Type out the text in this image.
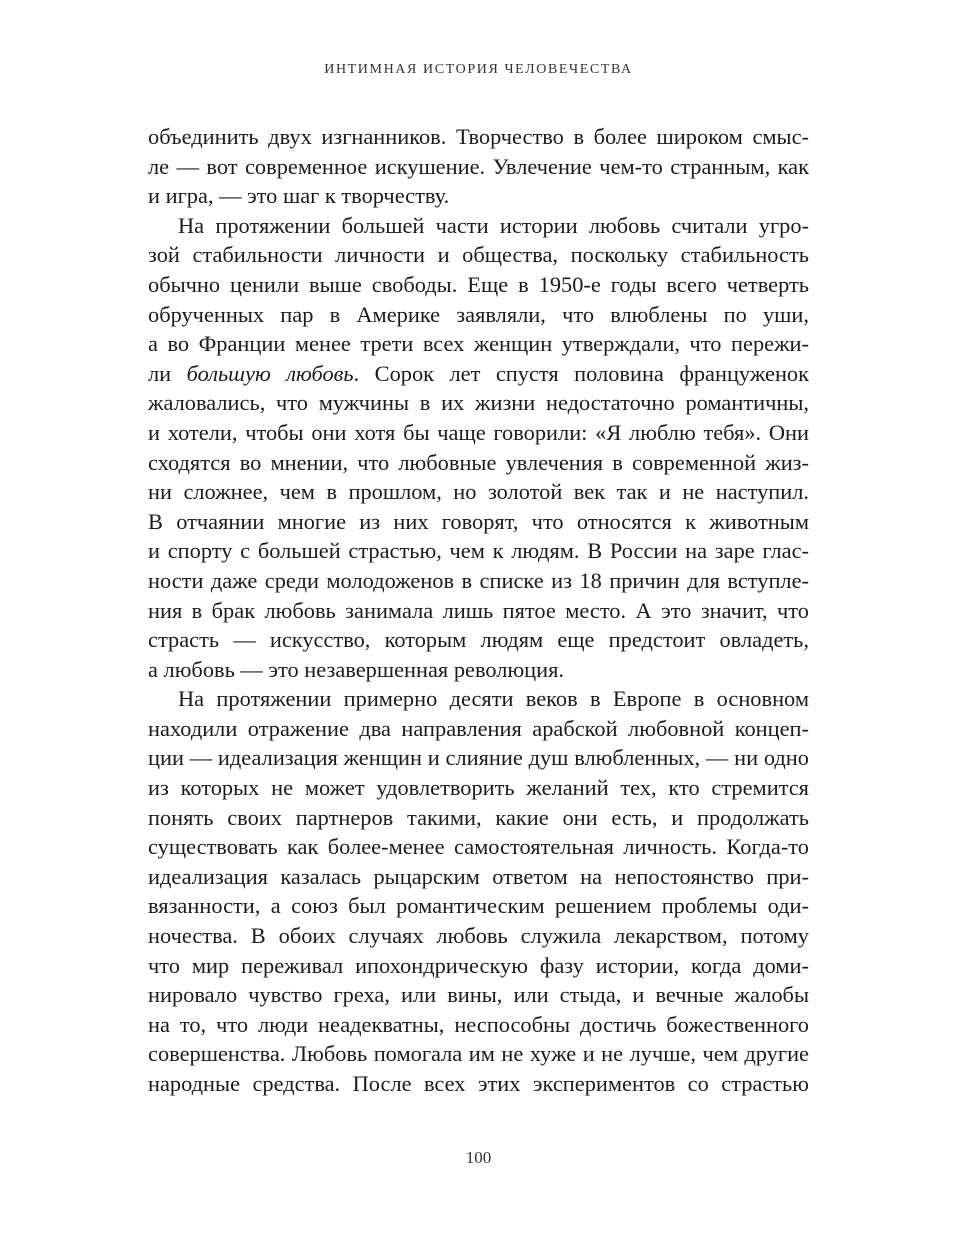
ИНТИМНАЯ ИСТОРИЯ ЧЕЛОВЕЧЕСТВА
объединить двух изгнанников. Творчество в более широком смыс-
ле — вот современное искушение. Увлечение чем-то странным, как
и игра, — это шаг к творчеству.
На протяжении большей части истории любовь считали угро-
зой стабильности личности и общества, поскольку стабильность
обычно ценили выше свободы. Еще в 1950-е годы всего четверть
обрученных пар в Америке заявляли, что влюблены по уши,
а во Франции менее трети всех женщин утверждали, что пережи-
ли большую любовь. Сорок лет спустя половина француженок
жаловались, что мужчины в их жизни недостаточно романтичны,
и хотели, чтобы они хотя бы чаще говорили: «Я люблю тебя». Они
сходятся во мнении, что любовные увлечения в современной жиз-
ни сложнее, чем в прошлом, но золотой век так и не наступил.
В отчаянии многие из них говорят, что относятся к животным
и спорту с большей страстью, чем к людям. В России на заре глас-
ности даже среди молодоженов в списке из 18 причин для вступле-
ния в брак любовь занимала лишь пятое место. А это значит, что
страсть — искусство, которым людям еще предстоит овладеть,
а любовь — это незавершенная революция.
На протяжении примерно десяти веков в Европе в основном
находили отражение два направления арабской любовной концеп-
ции — идеализация женщин и слияние душ влюбленных, — ни одно
из которых не может удовлетворить желаний тех, кто стремится
понять своих партнеров такими, какие они есть, и продолжать
существовать как более-менее самостоятельная личность. Когда-то
идеализация казалась рыцарским ответом на непостоянство при-
вязанности, а союз был романтическим решением проблемы оди-
ночества. В обоих случаях любовь служила лекарством, потому
что мир переживал ипохондрическую фазу истории, когда доми-
нировало чувство греха, или вины, или стыда, и вечные жалобы
на то, что люди неадекватны, неспособны достичь божественного
совершенства. Любовь помогала им не хуже и не лучше, чем другие
народные средства. После всех этих экспериментов со страстью
100
